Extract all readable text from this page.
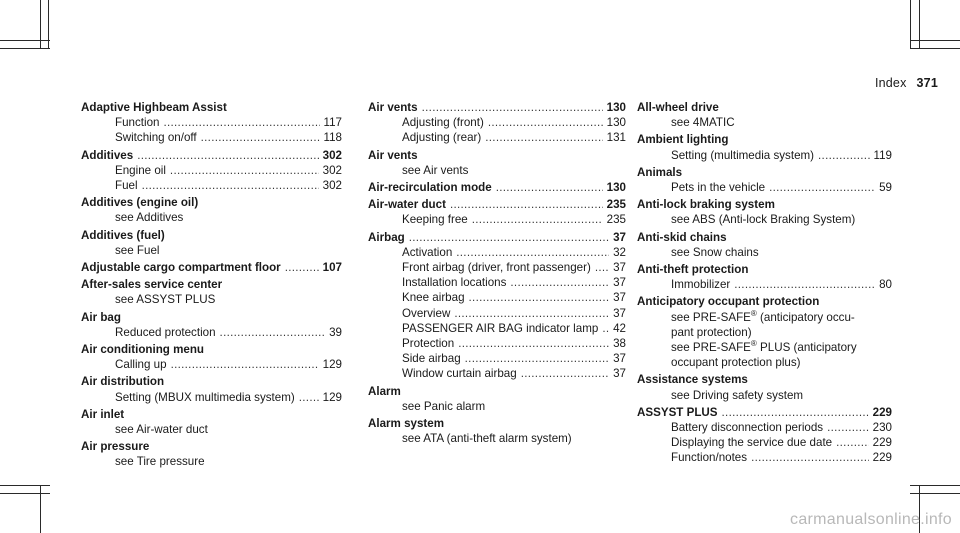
Index 371
Adaptive Highbeam Assist
Function .....	117
Switching on/off .....	118
Additives .....	302
Engine oil .....	302
Fuel .....	302
Additives (engine oil)
see Additives
Additives (fuel)
see Fuel
Adjustable cargo compartment floor .....	107
After-sales service center
see ASSYST PLUS
Air bag
Reduced protection .....	39
Air conditioning menu
Calling up .....	129
Air distribution
Setting (MBUX multimedia system) ..... 129
Air inlet
see Air-water duct
Air pressure
see Tire pressure
Air vents .....	130
Adjusting (front) .....	130
Adjusting (rear) .....	131
Air vents
see Air vents
Air-recirculation mode .....	130
Air-water duct .....	235
Keeping free .....	235
Airbag .....	37
Activation .....	32
Front airbag (driver, front passenger) ..... 37
Installation locations .....	37
Knee airbag .....	37
Overview .....	37
PASSENGER AIR BAG indicator lamp ..... 42
Protection .....	38
Side airbag .....	37
Window curtain airbag .....	37
Alarm
see Panic alarm
Alarm system
see ATA (anti-theft alarm system)
All-wheel drive
see 4MATIC
Ambient lighting
Setting (multimedia system) .....	119
Animals
Pets in the vehicle .....	59
Anti-lock braking system
see ABS (Anti-lock Braking System)
Anti-skid chains
see Snow chains
Anti-theft protection
Immobilizer .....	80
Anticipatory occupant protection
see PRE-SAFE® (anticipatory occu-
pant protection)
see PRE-SAFE® PLUS (anticipatory
occupant protection plus)
Assistance systems
see Driving safety system
ASSYST PLUS .....	229
Battery disconnection periods .....	230
Displaying the service due date .....	229
Function/notes .....	229
carmanualsonline.info
